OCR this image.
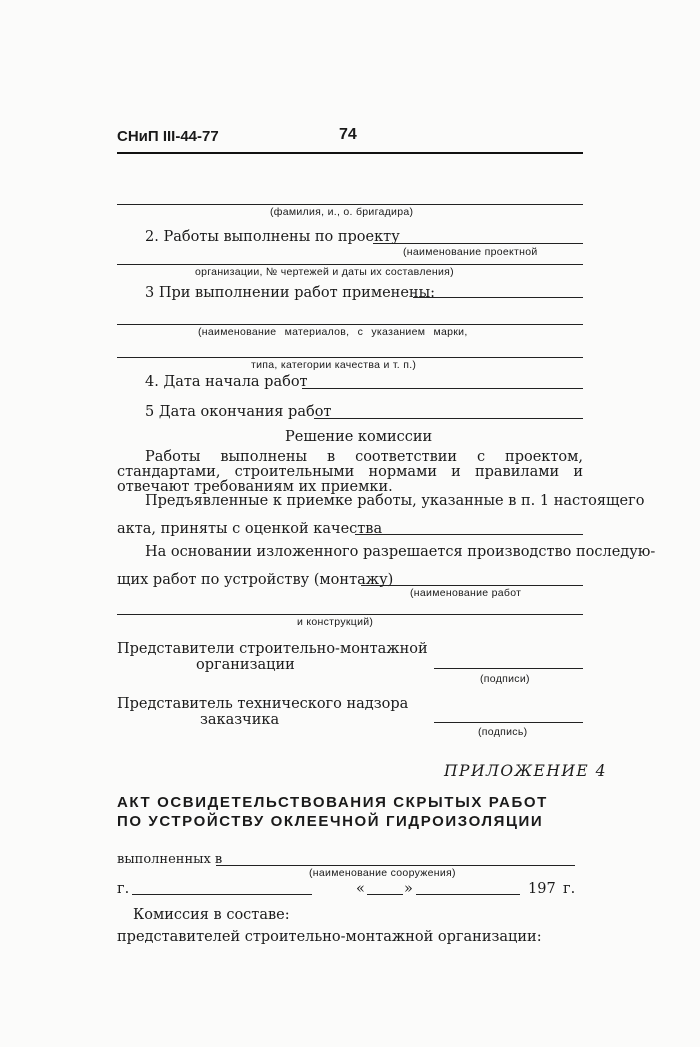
СНиП III-44-77	74
(фамилия, и., о. бригадира)
2. Работы выполнены по проекту
(наименование проектной
организации, № чертежей и даты их составления)
3 При выполнении работ применены:
(наименование материалов, с указанием марки,
типа, категории качества и т. п.)
4. Дата начала работ
5 Дата окончания работ
Решение комиссии
Работы выполнены в соответствии с проектом, стандартами, строительными нормами и правилами и отвечают требованиям их приемки.
Предъявленные к приемке работы, указанные в п. 1 настоящего
акта, приняты с оценкой качества
На основании изложенного разрешается производство последую-
щих работ по устройству (монтажу)
(наименование работ
и конструкций)
Представители строительно-монтажной
организации
(подписи)
Представитель технического надзора
заказчика
(подпись)
ПРИЛОЖЕНИЕ 4
АКТ ОСВИДЕТЕЛЬСТВОВАНИЯ СКРЫТЫХ РАБОТ
ПО УСТРОЙСТВУ ОКЛЕЕЧНОЙ ГИДРОИЗОЛЯЦИИ
выполненных в
(наименование сооружения)
г.	«	»	197 г.
Комиссия в составе:
представителей строительно-монтажной организации:
